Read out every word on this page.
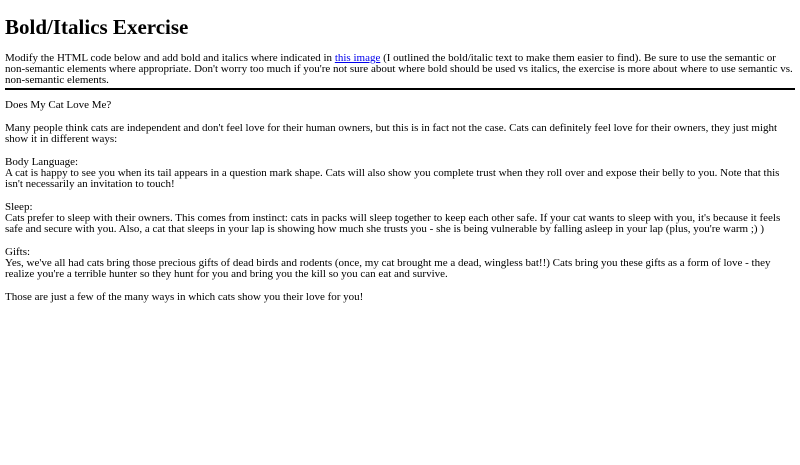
Bold/Italics Exercise
Modify the HTML code below and add bold and italics where indicated in this image (I outlined the bold/italic text to make them easier to find). Be sure to use the semantic or non-semantic elements where appropriate. Don't worry too much if you're not sure about where bold should be used vs italics, the exercise is more about where to use semantic vs. non-semantic elements.

Does My Cat Love Me?

Many people think cats are independent and don't feel love for their human owners, but this is in fact not the case. Cats can definitely feel love for their owners, they just might show it in different ways:

Body Language:
A cat is happy to see you when its tail appears in a question mark shape. Cats will also show you complete trust when they roll over and expose their belly to you. Note that this isn't necessarily an invitation to touch!

Sleep:
Cats prefer to sleep with their owners. This comes from instinct: cats in packs will sleep together to keep each other safe. If your cat wants to sleep with you, it's because it feels safe and secure with you. Also, a cat that sleeps in your lap is showing how much she trusts you - she is being vulnerable by falling asleep in your lap (plus, you're warm ;) )

Gifts:
Yes, we've all had cats bring those precious gifts of dead birds and rodents (once, my cat brought me a dead, wingless bat!!) Cats bring you these gifts as a form of love - they realize you're a terrible hunter so they hunt for you and bring you the kill so you can eat and survive.

Those are just a few of the many ways in which cats show you their love for you!
